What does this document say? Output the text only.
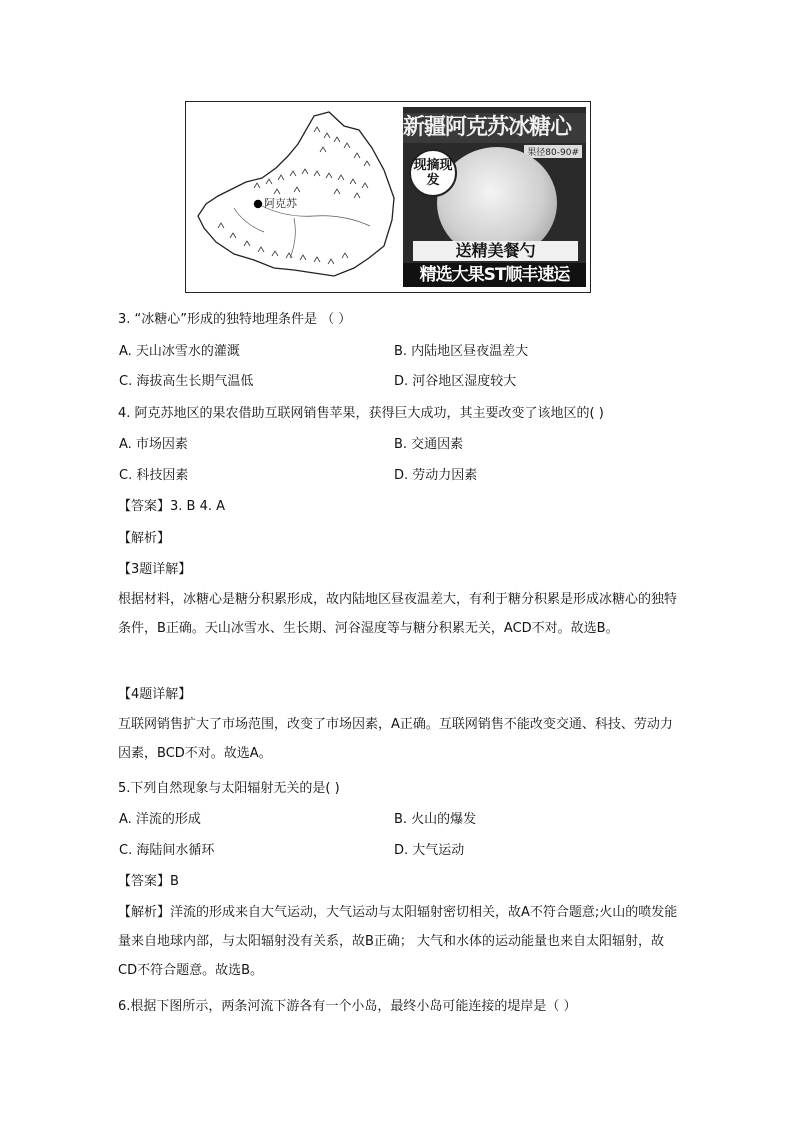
阿克苏
新疆阿克苏冰糖心
果径80-90#
现摘现发
送精美餐勺
精选大果ST顺丰速运
3. “冰糖心”形成的独特地理条件是 （ ）
A. 天山冰雪水的灌溉	B. 内陆地区昼夜温差大
C. 海拔高生长期气温低	D. 河谷地区湿度较大
4. 阿克苏地区的果农借助互联网销售苹果，获得巨大成功，其主要改变了该地区的( )
A. 市场因素	B. 交通因素
C. 科技因素	D. 劳动力因素
【答案】3. B 4. A
【解析】
【3题详解】
根据材料，冰糖心是糖分积累形成，故内陆地区昼夜温差大，有利于糖分积累是形成冰糖心的独特条件，B正确。天山冰雪水、生长期、河谷湿度等与糖分积累无关，ACD不对。故选B。
【4题详解】
互联网销售扩大了市场范围，改变了市场因素，A正确。互联网销售不能改变交通、科技、劳动力因素，BCD不对。故选A。
5.下列自然现象与太阳辐射无关的是( )
A. 洋流的形成	B. 火山的爆发
C. 海陆间水循环	D. 大气运动
【答案】B
【解析】洋流的形成来自大气运动，大气运动与太阳辐射密切相关，故A不符合题意;火山的喷发能量来自地球内部，与太阳辐射没有关系，故B正确； 大气和水体的运动能量也来自太阳辐射，故CD不符合题意。故选B。
6.根据下图所示，两条河流下游各有一个小岛，最终小岛可能连接的堤岸是（ ）
